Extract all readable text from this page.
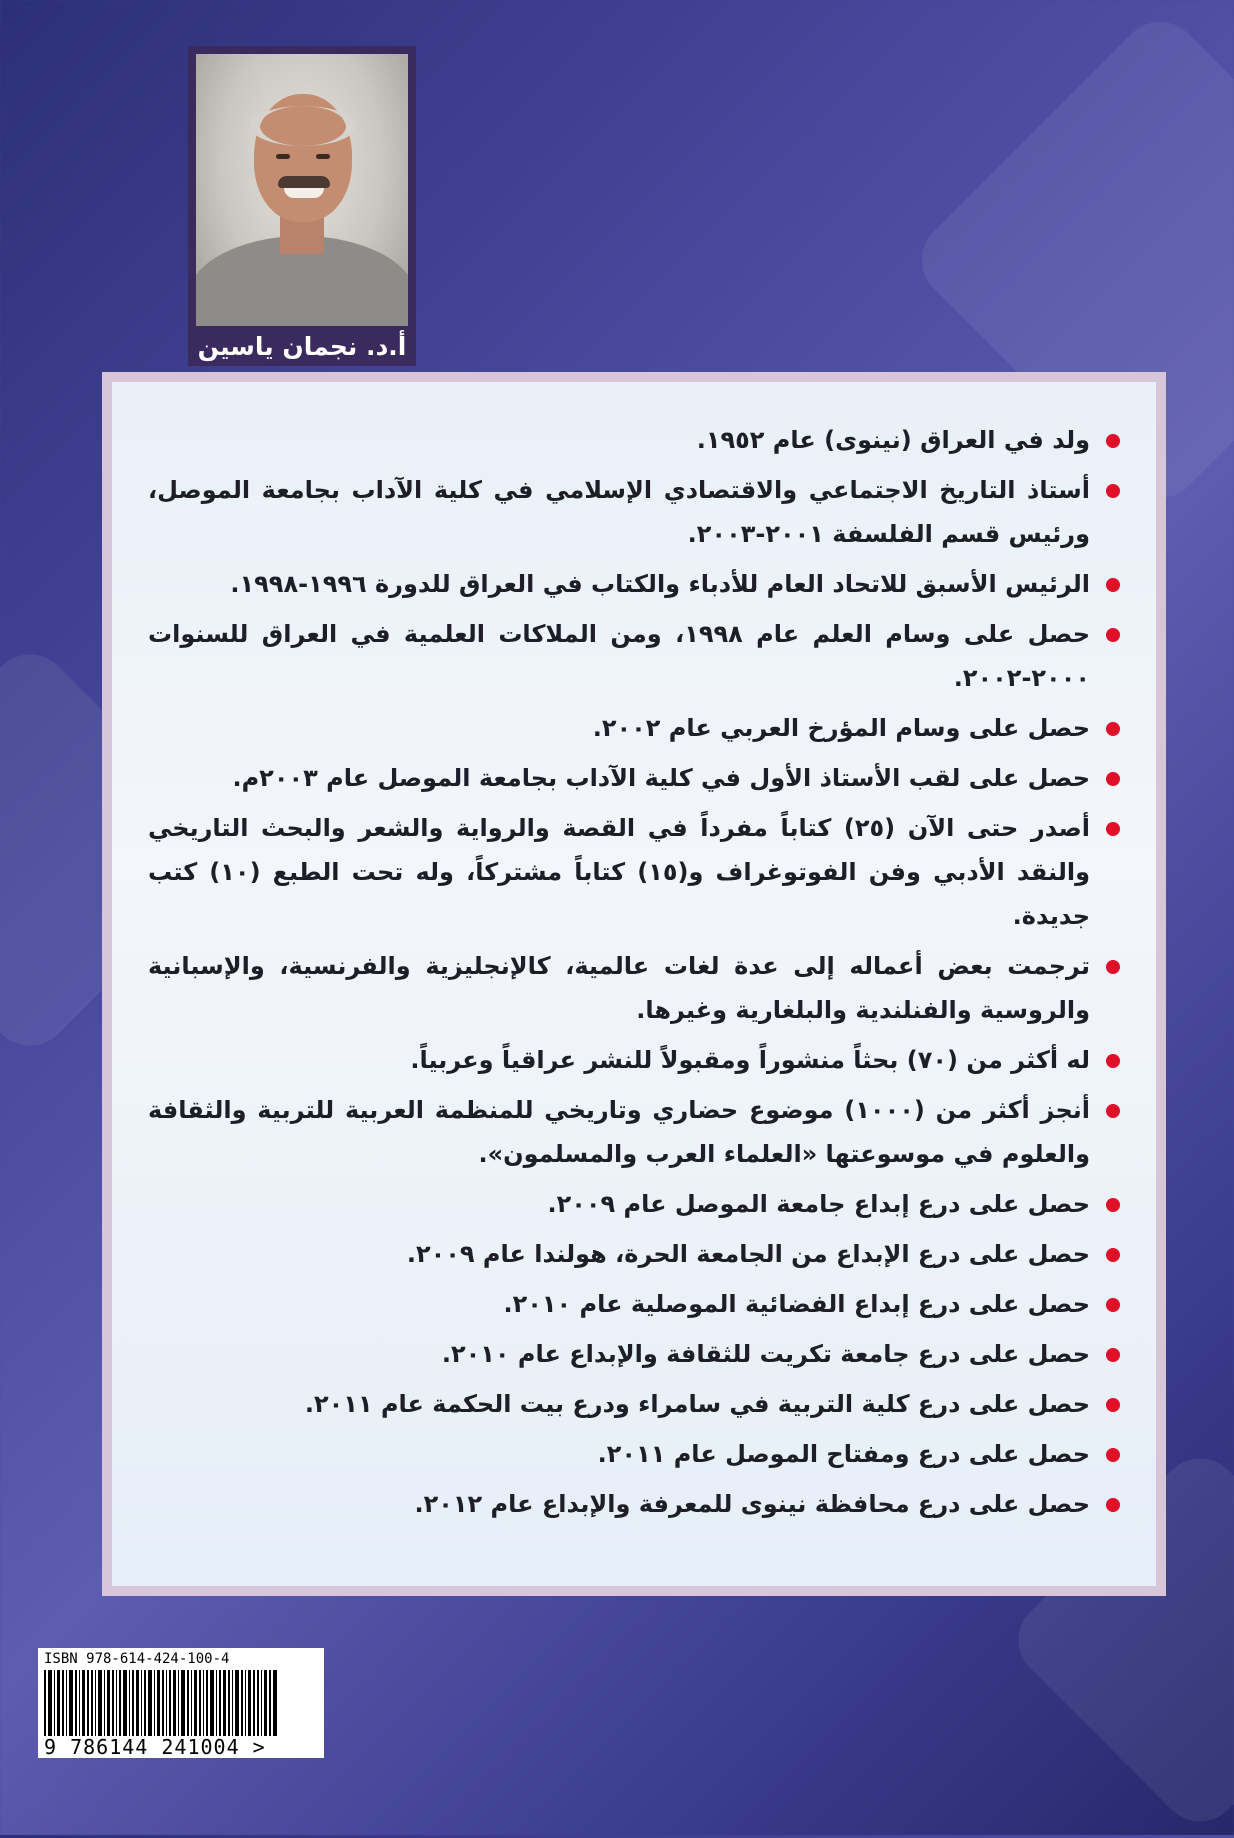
أ.د. نجمان ياسين
ولد في العراق (نينوى) عام ١٩٥٢.
أستاذ التاريخ الاجتماعي والاقتصادي الإسلامي في كلية الآداب بجامعة الموصل، ورئيس قسم الفلسفة ٢٠٠١-٢٠٠٣.
الرئيس الأسبق للاتحاد العام للأدباء والكتاب في العراق للدورة ١٩٩٦-١٩٩٨.
حصل على وسام العلم عام ١٩٩٨، ومن الملاكات العلمية في العراق للسنوات ٢٠٠٠-٢٠٠٢.
حصل على وسام المؤرخ العربي عام ٢٠٠٢.
حصل على لقب الأستاذ الأول في كلية الآداب بجامعة الموصل عام ٢٠٠٣م.
أصدر حتى الآن (٢٥) كتاباً مفرداً في القصة والرواية والشعر والبحث التاريخي والنقد الأدبي وفن الفوتوغراف و(١٥) كتاباً مشتركاً، وله تحت الطبع (١٠) كتب جديدة.
ترجمت بعض أعماله إلى عدة لغات عالمية، كالإنجليزية والفرنسية، والإسبانية والروسية والفنلندية والبلغارية وغيرها.
له أكثر من (٧٠) بحثاً منشوراً ومقبولاً للنشر عراقياً وعربياً.
أنجز أكثر من (١٠٠٠) موضوع حضاري وتاريخي للمنظمة العربية للتربية والثقافة والعلوم في موسوعتها «العلماء العرب والمسلمون».
حصل على درع إبداع جامعة الموصل عام ٢٠٠٩.
حصل على درع الإبداع من الجامعة الحرة، هولندا عام ٢٠٠٩.
حصل على درع إبداع الفضائية الموصلية عام ٢٠١٠.
حصل على درع جامعة تكريت للثقافة والإبداع عام ٢٠١٠.
حصل على درع كلية التربية في سامراء ودرع بيت الحكمة عام ٢٠١١.
حصل على درع ومفتاح الموصل عام ٢٠١١.
حصل على درع محافظة نينوى للمعرفة والإبداع عام ٢٠١٢.
ISBN 978-614-424-100-4
9 786144 241004 >
